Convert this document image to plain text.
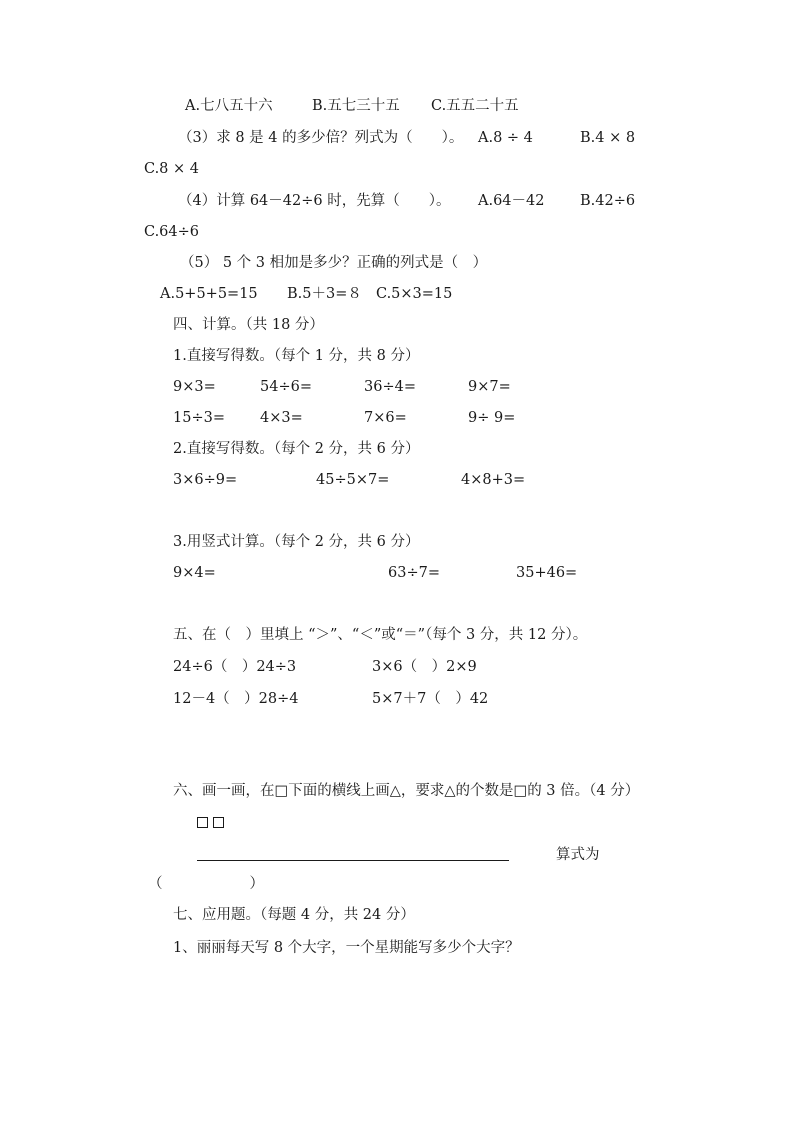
A.七八五十六	B.五七三十五 C.五五二十五
（3）求 8 是 4 的多少倍？列式为（　　）。 A.8 ÷ 4	B.4 × 8
C.8 × 4
（4）计算 64－42÷6 时，先算（　　）。 A.64－42 B.42÷6
C.64÷6
（5） 5 个 3 相加是多少？正确的列式是（　）
A.5+5+5=15 B.5＋3=８ C.5×3=15
四、计算。（共 18 分）
1.直接写得数。（每个 1 分，共 8 分）
9×3=	54÷6=	36÷4=	9×7=
15÷3= 4×3=	7×6=	9÷ 9=
2.直接写得数。（每个 2 分，共 6 分）
3×6÷9=	45÷5×7=	4×8+3=
3.用竖式计算。（每个 2 分，共 6 分）
9×4=	63÷7=	35+46=
五、在（　）里填上 “＞”、“＜”或“＝”（每个 3 分，共 12 分）。
24÷6（　）24÷3	3×6（　）2×9
12－4（　）28÷4	5×7＋7（　）42
六、画一画，在□下面的横线上画△，要求△的个数是□的 3 倍。（4 分）
算式为
（　　　　　　）
七、应用题。（每题 4 分，共 24 分）
1、丽丽每天写 8 个大字，一个星期能写多少个大字？
